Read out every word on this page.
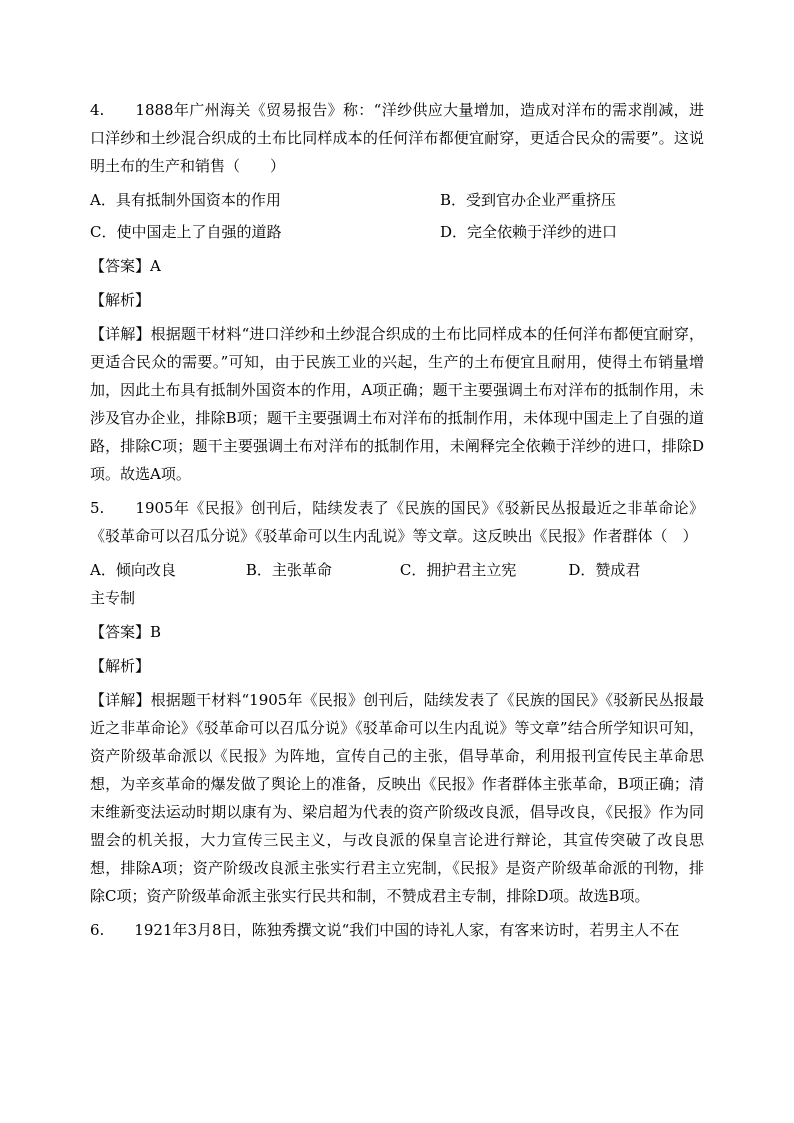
4.　　1888年广州海关《贸易报告》称：“洋纱供应大量增加，造成对洋布的需求削减，进口洋纱和土纱混合织成的土布比同样成本的任何洋布都便宜耐穿，更适合民众的需要”。这说明土布的生产和销售（　　）

A．具有抵制外国资本的作用	B．受到官办企业严重挤压
C．使中国走上了自强的道路	D．完全依赖于洋纱的进口

【答案】A

【解析】

【详解】根据题干材料“进口洋纱和土纱混合织成的土布比同样成本的任何洋布都便宜耐穿，更适合民众的需要。”可知，由于民族工业的兴起，生产的土布便宜且耐用，使得土布销量增加，因此土布具有抵制外国资本的作用，A项正确；题干主要强调土布对洋布的抵制作用，未涉及官办企业，排除B项；题干主要强调土布对洋布的抵制作用，未体现中国走上了自强的道路，排除C项；题干主要强调土布对洋布的抵制作用，未阐释完全依赖于洋纱的进口，排除D项。故选A项。

5.　　1905年《民报》创刊后，陆续发表了《民族的国民》《驳新民丛报最近之非革命论》《驳革命可以召瓜分说》《驳革命可以生内乱说》等文章。这反映出《民报》作者群体（　）

A．倾向改良	B．主张革命	C．拥护君主立宪	D．赞成君主专制

【答案】B

【解析】

【详解】根据题干材料“1905年《民报》创刊后，陆续发表了《民族的国民》《驳新民丛报最近之非革命论》《驳革命可以召瓜分说》《驳革命可以生内乱说》等文章”结合所学知识可知，资产阶级革命派以《民报》为阵地，宣传自己的主张，倡导革命，利用报刊宣传民主革命思想，为辛亥革命的爆发做了舆论上的准备，反映出《民报》作者群体主张革命，B项正确；清末维新变法运动时期以康有为、梁启超为代表的资产阶级改良派，倡导改良，《民报》作为同盟会的机关报，大力宣传三民主义，与改良派的保皇言论进行辩论，其宣传突破了改良思想，排除A项；资产阶级改良派主张实行君主立宪制，《民报》是资产阶级革命派的刊物，排除C项；资产阶级革命派主张实行民共和制，不赞成君主专制，排除D项。故选B项。

6.　　1921年3月8日，陈独秀撰文说“我们中国的诗礼人家，有客来访时，若男主人不在
